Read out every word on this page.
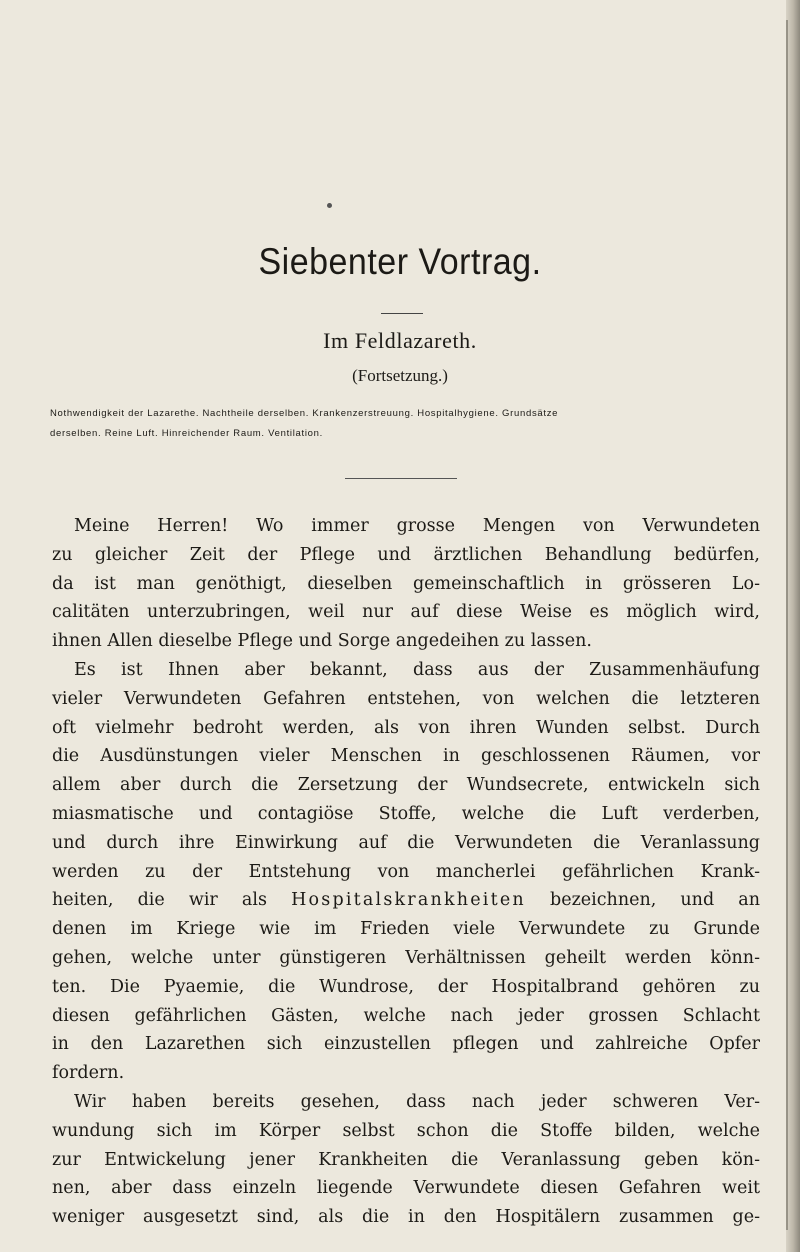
Siebenter Vortrag.
Im Feldlazareth.
(Fortsetzung.)
Nothwendigkeit der Lazarethe. Nachtheile derselben. Krankenzerstreuung. Hospitalhygiene. Grundsätze
derselben. Reine Luft. Hinreichender Raum. Ventilation.
Meine Herren! Wo immer grosse Mengen von Verwundeten
zu gleicher Zeit der Pflege und ärztlichen Behandlung bedürfen,
da ist man genöthigt, dieselben gemeinschaftlich in grösseren Lo-
calitäten unterzubringen, weil nur auf diese Weise es möglich wird,
ihnen Allen dieselbe Pflege und Sorge angedeihen zu lassen.
Es ist Ihnen aber bekannt, dass aus der Zusammenhäufung
vieler Verwundeten Gefahren entstehen, von welchen die letzteren
oft vielmehr bedroht werden, als von ihren Wunden selbst. Durch
die Ausdünstungen vieler Menschen in geschlossenen Räumen, vor
allem aber durch die Zersetzung der Wundsecrete, entwickeln sich
miasmatische und contagiöse Stoffe, welche die Luft verderben,
und durch ihre Einwirkung auf die Verwundeten die Veranlassung
werden zu der Entstehung von mancherlei gefährlichen Krank-
heiten, die wir als Hospitalskrankheiten bezeichnen, und an
denen im Kriege wie im Frieden viele Verwundete zu Grunde
gehen, welche unter günstigeren Verhältnissen geheilt werden könn-
ten. Die Pyaemie, die Wundrose, der Hospitalbrand gehören zu
diesen gefährlichen Gästen, welche nach jeder grossen Schlacht
in den Lazarethen sich einzustellen pflegen und zahlreiche Opfer
fordern.
Wir haben bereits gesehen, dass nach jeder schweren Ver-
wundung sich im Körper selbst schon die Stoffe bilden, welche
zur Entwickelung jener Krankheiten die Veranlassung geben kön-
nen, aber dass einzeln liegende Verwundete diesen Gefahren weit
weniger ausgesetzt sind, als die in den Hospitälern zusammen ge-
